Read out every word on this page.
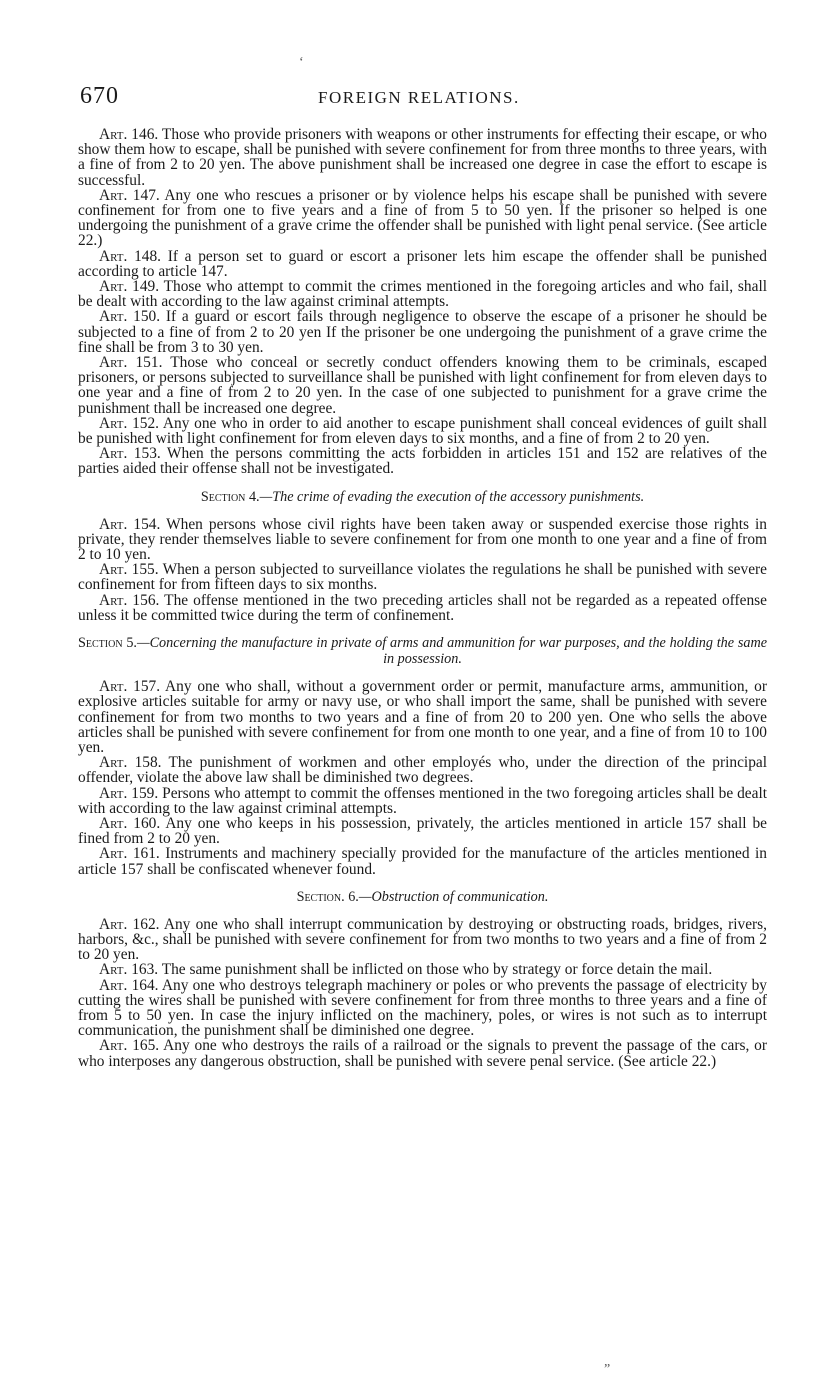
670	FOREIGN RELATIONS.
ʻ

Art. 146. Those who provide prisoners with weapons or other instruments for effecting their escape, or who show them how to escape, shall be punished with severe confinement for from three months to three years, with a fine of from 2 to 20 yen. The above punishment shall be increased one degree in case the effort to escape is successful.

Art. 147. Any one who rescues a prisoner or by violence helps his escape shall be punished with severe confinement for from one to five years and a fine of from 5 to 50 yen. If the prisoner so helped is one undergoing the punishment of a grave crime the offender shall be punished with light penal service. (See article 22.)

Art. 148. If a person set to guard or escort a prisoner lets him escape the offender shall be punished according to article 147.

Art. 149. Those who attempt to commit the crimes mentioned in the foregoing articles and who fail, shall be dealt with according to the law against criminal attempts.

Art. 150. If a guard or escort fails through negligence to observe the escape of a prisoner he should be subjected to a fine of from 2 to 20 yen If the prisoner be one undergoing the punishment of a grave crime the fine shall be from 3 to 30 yen.

Art. 151. Those who conceal or secretly conduct offenders knowing them to be criminals, escaped prisoners, or persons subjected to surveillance shall be punished with light confinement for from eleven days to one year and a fine of from 2 to 20 yen. In the case of one subjected to punishment for a grave crime the punishment thall be increased one degree.

Art. 152. Any one who in order to aid another to escape punishment shall conceal evidences of guilt shall be punished with light confinement for from eleven days to six months, and a fine of from 2 to 20 yen.

Art. 153. When the persons committing the acts forbidden in articles 151 and 152 are relatives of the parties aided their offense shall not be investigated.

Section 4.—The crime of evading the execution of the accessory punishments.

Art. 154. When persons whose civil rights have been taken away or suspended exercise those rights in private, they render themselves liable to severe confinement for from one month to one year and a fine of from 2 to 10 yen.

Art. 155. When a person subjected to surveillance violates the regulations he shall be punished with severe confinement for from fifteen days to six months.

Art. 156. The offense mentioned in the two preceding articles shall not be regarded as a repeated offense unless it be committed twice during the term of confinement.

Section 5.—Concerning the manufacture in private of arms and ammunition for war purposes, and the holding the same in possession.

Art. 157. Any one who shall, without a government order or permit, manufacture arms, ammunition, or explosive articles suitable for army or navy use, or who shall import the same, shall be punished with severe confinement for from two months to two years and a fine of from 20 to 200 yen. One who sells the above articles shall be punished with severe confinement for from one month to one year, and a fine of from 10 to 100 yen.

Art. 158. The punishment of workmen and other employés who, under the direction of the principal offender, violate the above law shall be diminished two degrees.

Art. 159. Persons who attempt to commit the offenses mentioned in the two foregoing articles shall be dealt with according to the law against criminal attempts.

Art. 160. Any one who keeps in his possession, privately, the articles mentioned in article 157 shall be fined from 2 to 20 yen.

Art. 161. Instruments and machinery specially provided for the manufacture of the articles mentioned in article 157 shall be confiscated whenever found.

Section. 6.—Obstruction of communication.

Art. 162. Any one who shall interrupt communication by destroying or obstructing roads, bridges, rivers, harbors, &c., shall be punished with severe confinement for from two months to two years and a fine of from 2 to 20 yen.

Art. 163. The same punishment shall be inflicted on those who by strategy or force detain the mail.

Art. 164. Any one who destroys telegraph machinery or poles or who prevents the passage of electricity by cutting the wires shall be punished with severe confinement for from three months to three years and a fine of from 5 to 50 yen. In case the injury inflicted on the machinery, poles, or wires is not such as to interrupt communication, the punishment shall be diminished one degree.

Art. 165. Any one who destroys the rails of a railroad or the signals to prevent the passage of the cars, or who interposes any dangerous obstruction, shall be punished with severe penal service. (See article 22.)

ˮ
